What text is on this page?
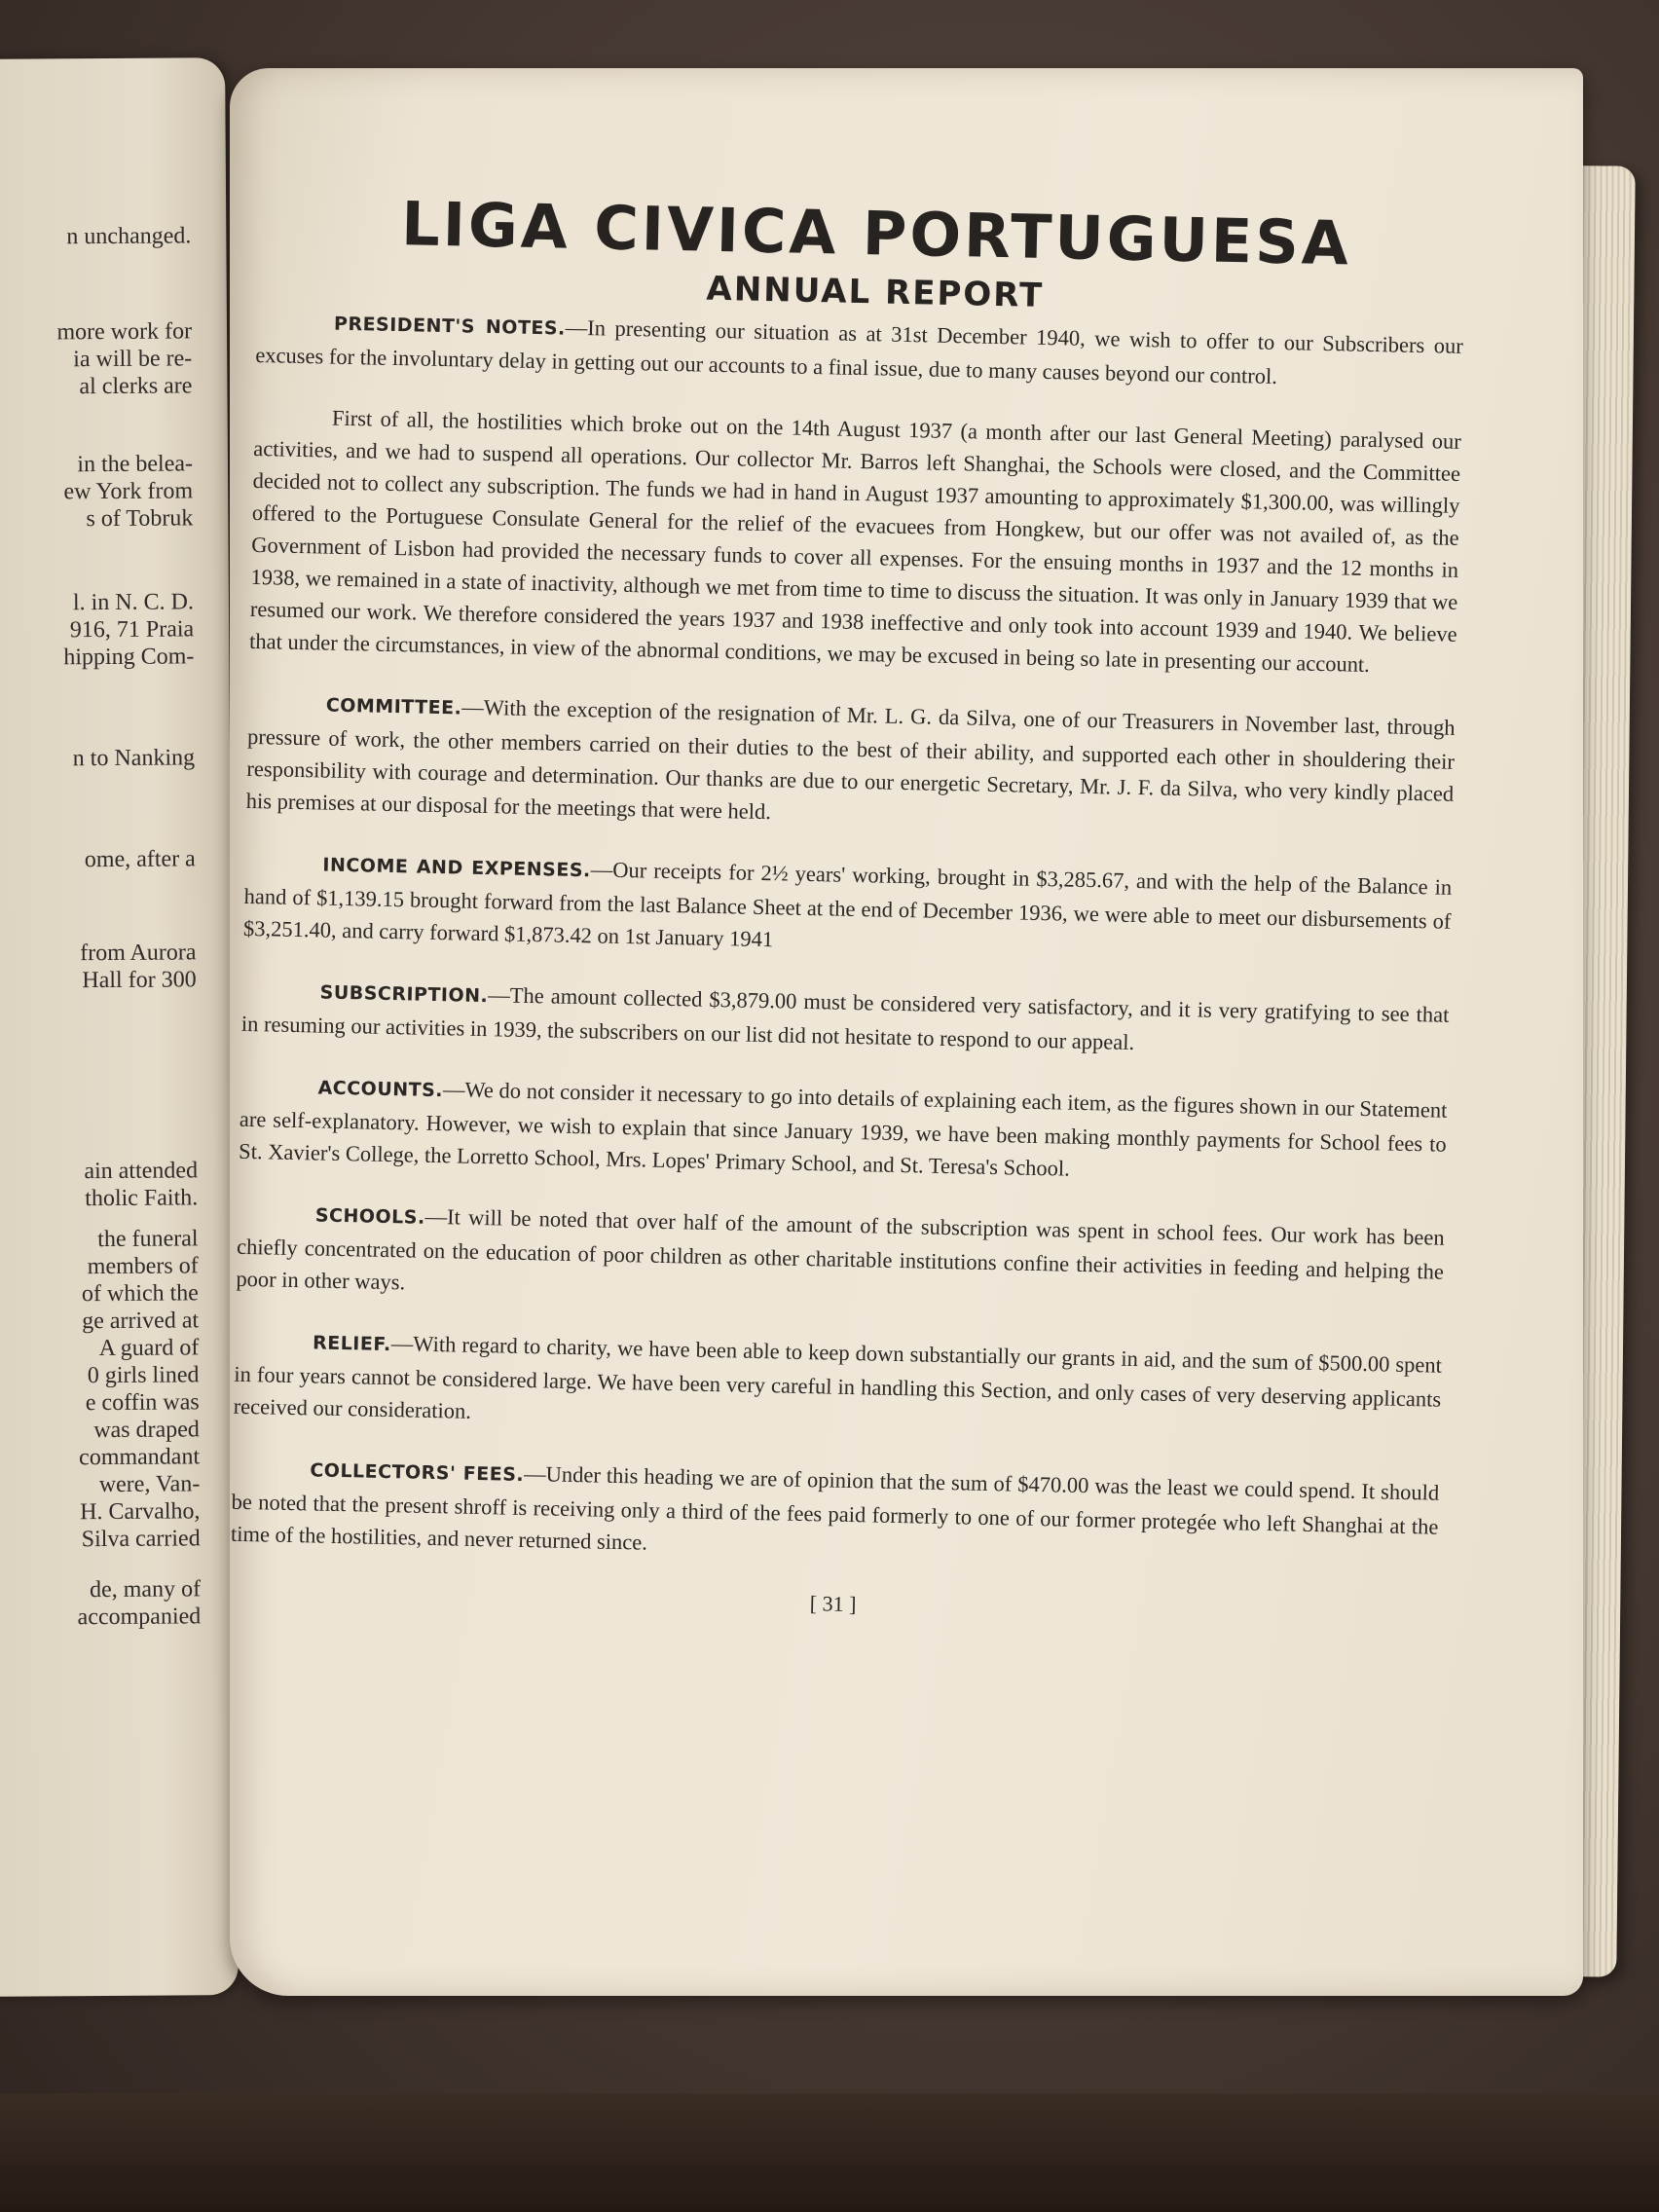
n unchanged.
more work for
ia will be re-
al clerks are
in the belea-
ew York from
s of Tobruk
l. in N. C. D.
916, 71 Praia
hipping Com-
n to Nanking
ome, after a
from Aurora
Hall for 300
ain attended
tholic Faith.
the funeral
members of
of which the
ge arrived at
A guard of
0 girls lined
e coffin was
was draped
commandant
were, Van-
H. Carvalho,
Silva carried
de, many of
accompanied
LIGA CIVICA PORTUGUESA
ANNUAL REPORT

PRESIDENT'S NOTES.—In presenting our situation as at 31st December 1940, we wish to offer to our Subscribers our excuses for the involuntary delay in getting out our accounts to a final issue, due to many causes beyond our control.

First of all, the hostilities which broke out on the 14th August 1937 (a month after our last General Meeting) paralysed our activities, and we had to suspend all operations. Our collector Mr. Barros left Shanghai, the Schools were closed, and the Committee decided not to collect any subscription. The funds we had in hand in August 1937 amounting to approximately $1,300.00, was willingly offered to the Portuguese Consulate General for the relief of the evacuees from Hongkew, but our offer was not availed of, as the Government of Lisbon had provided the necessary funds to cover all expenses. For the ensuing months in 1937 and the 12 months in 1938, we remained in a state of inactivity, although we met from time to time to discuss the situation. It was only in January 1939 that we resumed our work. We therefore considered the years 1937 and 1938 ineffective and only took into account 1939 and 1940. We believe that under the circumstances, in view of the abnormal conditions, we may be excused in being so late in presenting our account.

COMMITTEE.—With the exception of the resignation of Mr. L. G. da Silva, one of our Treasurers in November last, through pressure of work, the other members carried on their duties to the best of their ability, and supported each other in shouldering their responsibility with courage and determination. Our thanks are due to our energetic Secretary, Mr. J. F. da Silva, who very kindly placed his premises at our disposal for the meetings that were held.

INCOME AND EXPENSES.—Our receipts for 2½ years' working, brought in $3,285.67, and with the help of the Balance in hand of $1,139.15 brought forward from the last Balance Sheet at the end of December 1936, we were able to meet our disbursements of $3,251.40, and carry forward $1,873.42 on 1st January 1941

SUBSCRIPTION.—The amount collected $3,879.00 must be considered very satisfactory, and it is very gratifying to see that in resuming our activities in 1939, the subscribers on our list did not hesitate to respond to our appeal.

ACCOUNTS.—We do not consider it necessary to go into details of explaining each item, as the figures shown in our Statement are self-explanatory. However, we wish to explain that since January 1939, we have been making monthly payments for School fees to St. Xavier's College, the Lorretto School, Mrs. Lopes' Primary School, and St. Teresa's School.

SCHOOLS.—It will be noted that over half of the amount of the subscription was spent in school fees. Our work has been chiefly concentrated on the education of poor children as other charitable institutions confine their activities in feeding and helping the poor in other ways.

RELIEF.—With regard to charity, we have been able to keep down substantially our grants in aid, and the sum of $500.00 spent in four years cannot be considered large. We have been very careful in handling this Section, and only cases of very deserving applicants received our consideration.

COLLECTORS' FEES.—Under this heading we are of opinion that the sum of $470.00 was the least we could spend. It should be noted that the present shroff is receiving only a third of the fees paid formerly to one of our former protegée who left Shanghai at the time of the hostilities, and never returned since.

[ 31 ]
